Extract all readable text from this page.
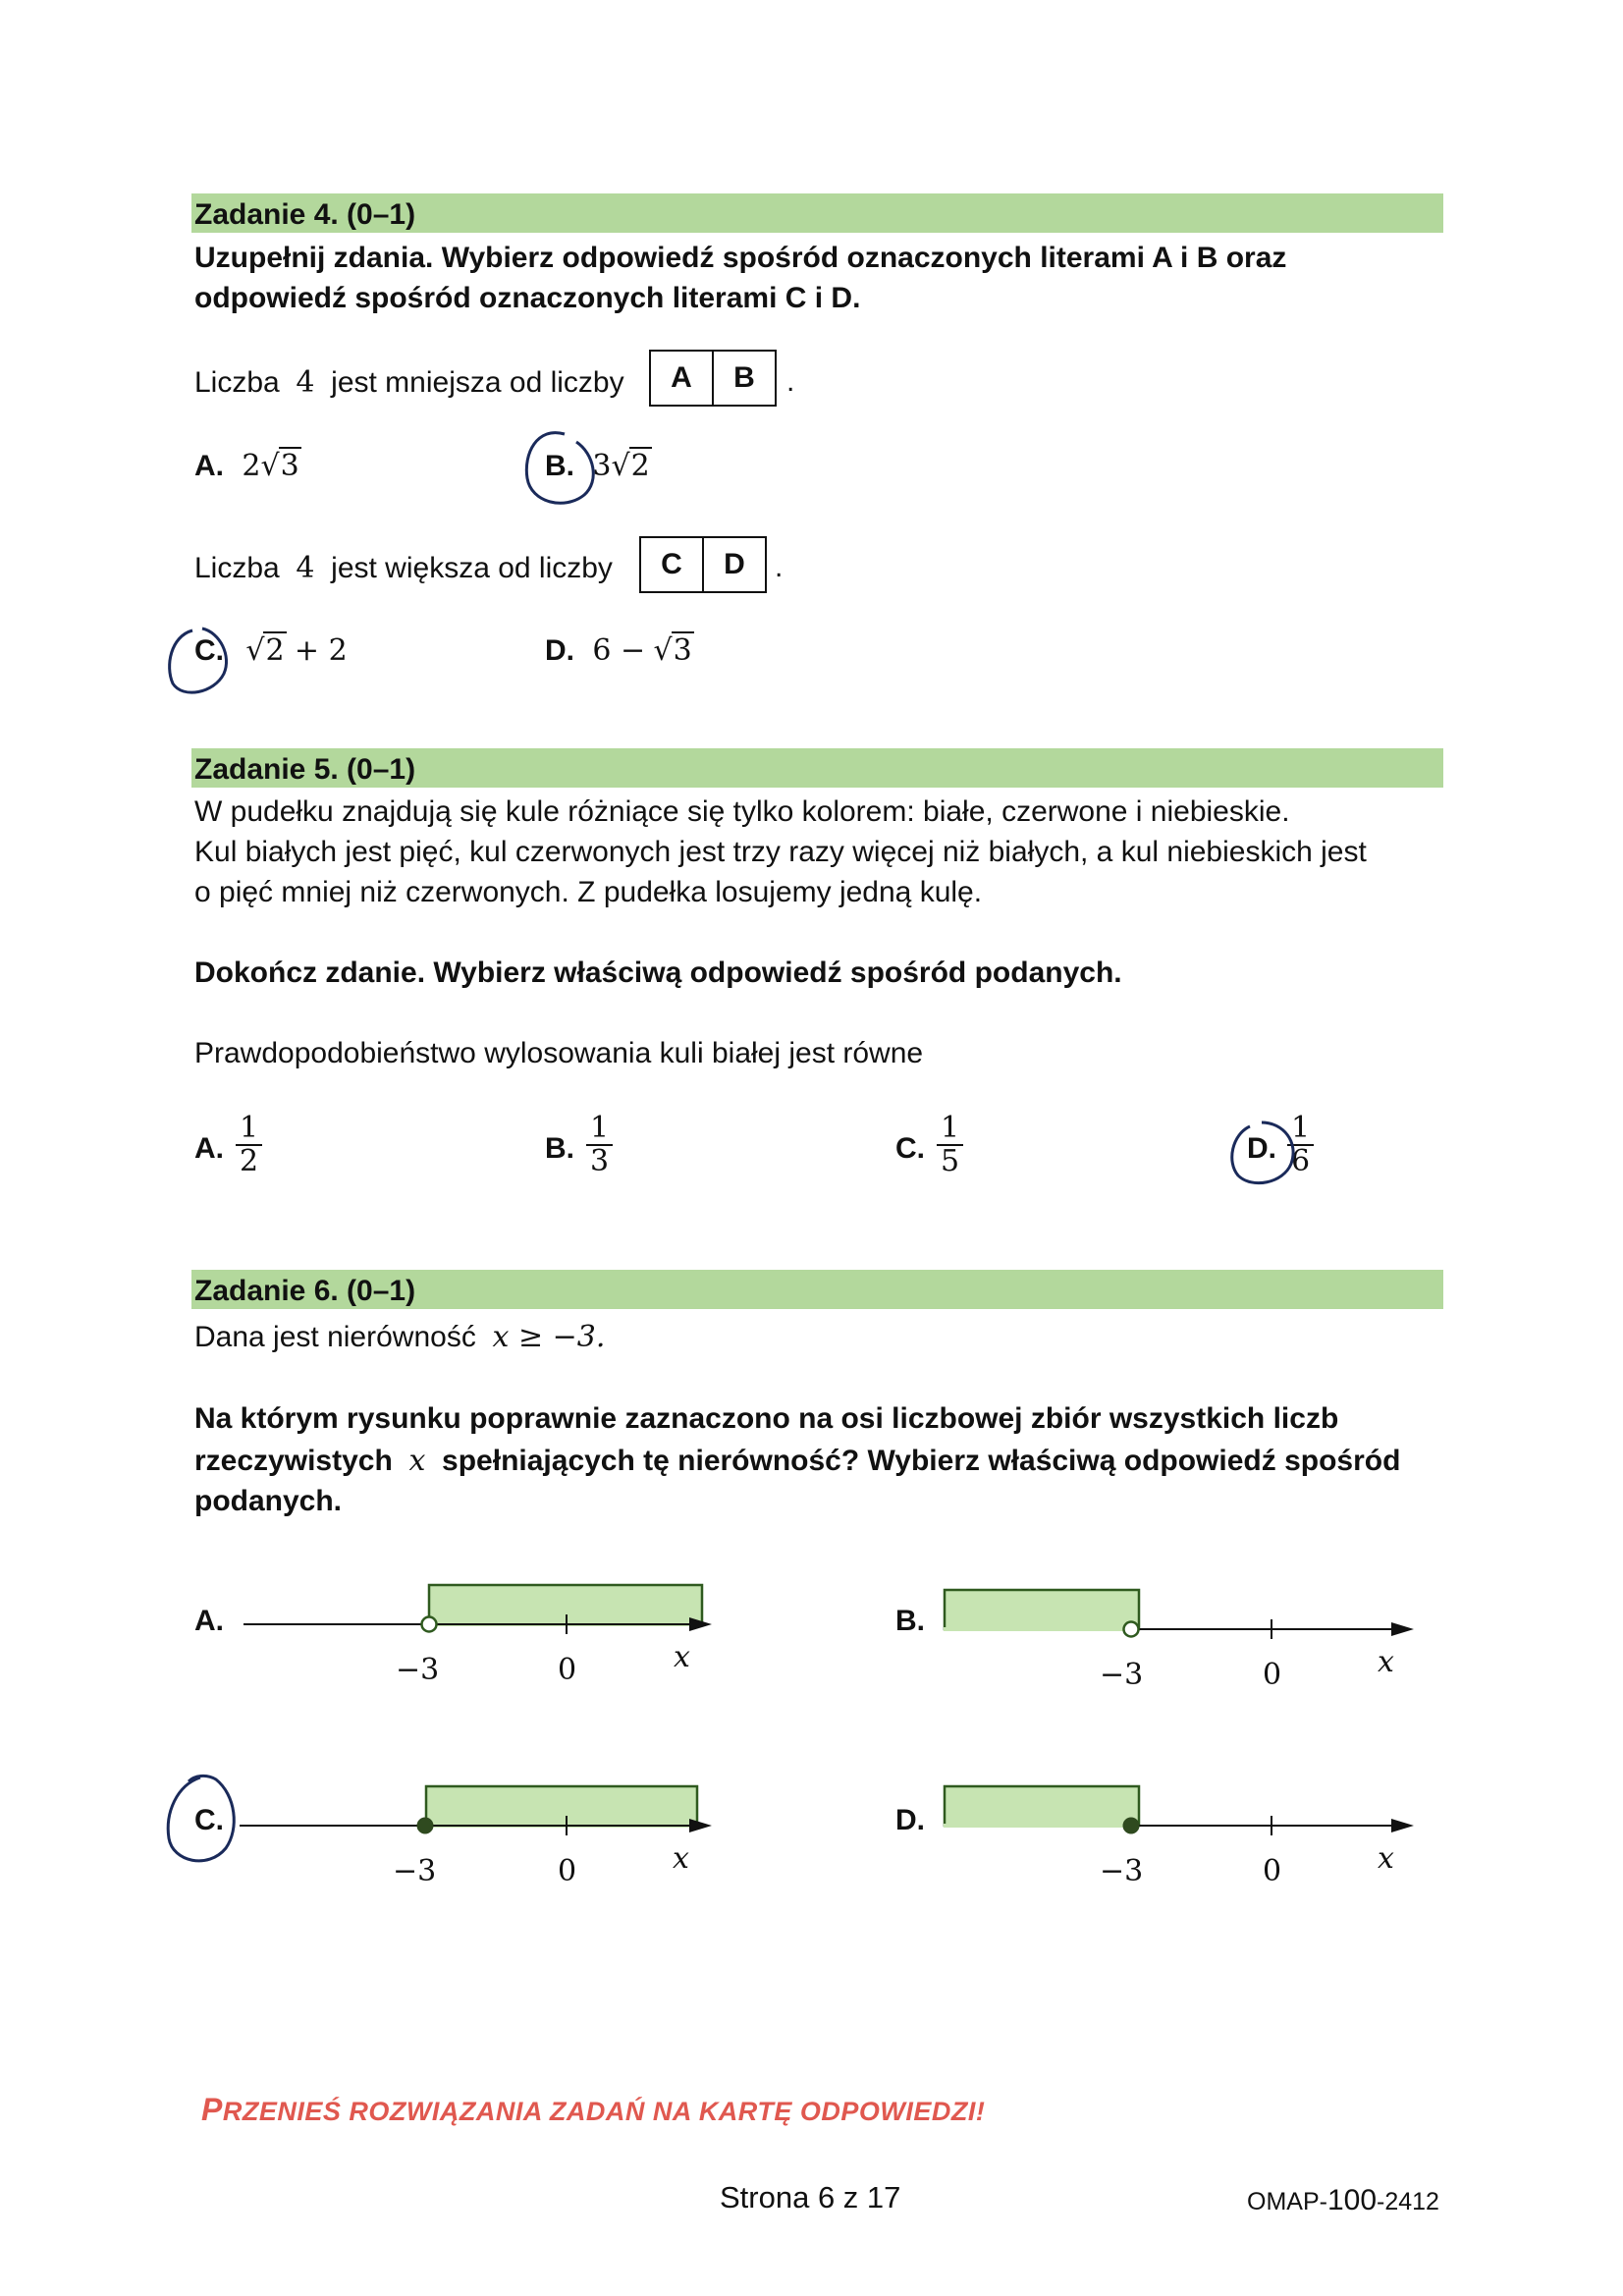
Zadanie 4. (0–1)
Uzupełnij zdania. Wybierz odpowiedź spośród oznaczonych literami A i B oraz
odpowiedź spośród oznaczonych literami C i D.
Liczba 4 jest mniejsza od liczby	A	B	.
A. 2√3	B. 3√2
Liczba 4 jest większa od liczby	C	D	.
C. √2 + 2	D. 6 − √3
Zadanie 5. (0–1)
W pudełku znajdują się kule różniące się tylko kolorem: białe, czerwone i niebieskie.
Kul białych jest pięć, kul czerwonych jest trzy razy więcej niż białych, a kul niebieskich jest
o pięć mniej niż czerwonych. Z pudełka losujemy jedną kulę.
Dokończ zdanie. Wybierz właściwą odpowiedź spośród podanych.
Prawdopodobieństwo wylosowania kuli białej jest równe
A. $\frac{1}{2}$	B. $\frac{1}{3}$	C. $\frac{1}{5}$	D. $\frac{1}{6}$
Zadanie 6. (0–1)
Dana jest nierówność x ≥ −3.
Na którym rysunku poprawnie zaznaczono na osi liczbowej zbiór wszystkich liczb
rzeczywistych x spełniających tę nierówność? Wybierz właściwą odpowiedź spośród
podanych.
A.
−3	0	x
B.
−3	0	x
C.
−3	0	x
D.
−3	0	x
PRZENIEŚ ROZWIĄZANIA ZADAŃ NA KARTĘ ODPOWIEDZI!
Strona 6 z 17	OMAP-100-2412
